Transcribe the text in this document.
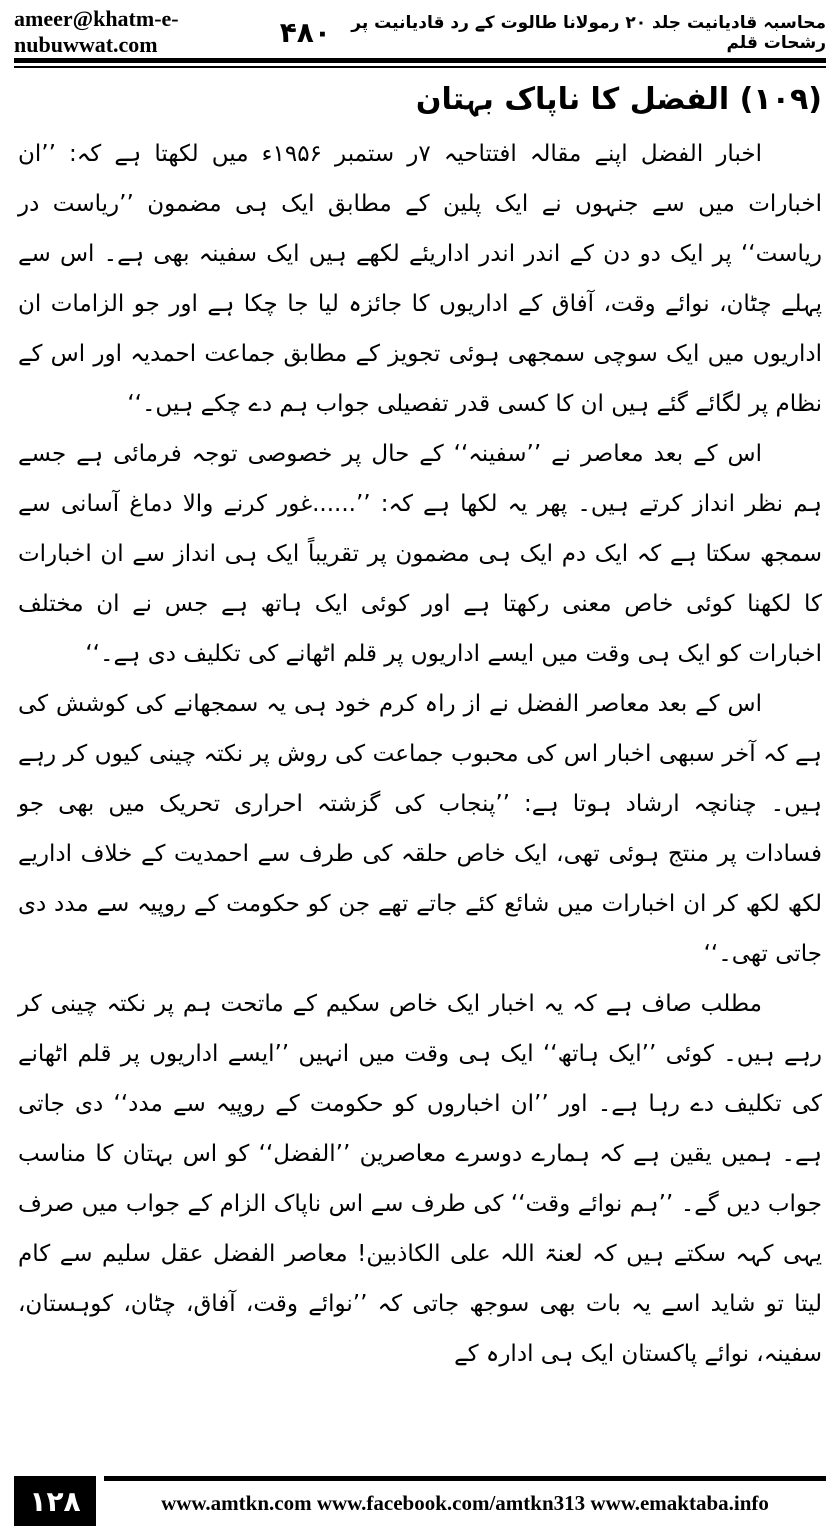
ameer@khatm-e-nubuwwat.com	۴۸۰	محاسبہ قادیانیت جلد ۲۰ رمولانا طالوت کے رد قادیانیت پر رشحات قلم
(۱۰۹) الفضل کا ناپاک بہتان

اخبار الفضل اپنے مقالہ افتتاحیہ ۷ر ستمبر ۱۹۵۶ء میں لکھتا ہے کہ: ’’ان اخبارات میں سے جنہوں نے ایک پلین کے مطابق ایک ہی مضمون ’’ریاست در ریاست‘‘ پر ایک دو دن کے اندر اندر اداریئے لکھے ہیں ایک سفینہ بھی ہے۔ اس سے پہلے چٹان، نوائے وقت، آفاق کے اداریوں کا جائزہ لیا جا چکا ہے اور جو الزامات ان اداریوں میں ایک سوچی سمجھی ہوئی تجویز کے مطابق جماعت احمدیہ اور اس کے نظام پر لگائے گئے ہیں ان کا کسی قدر تفصیلی جواب ہم دے چکے ہیں۔‘‘

اس کے بعد معاصر نے ’’سفینہ‘‘ کے حال پر خصوصی توجہ فرمائی ہے جسے ہم نظر انداز کرتے ہیں۔ پھر یہ لکھا ہے کہ: ’’......غور کرنے والا دماغ آسانی سے سمجھ سکتا ہے کہ ایک دم ایک ہی مضمون پر تقریباً ایک ہی انداز سے ان اخبارات کا لکھنا کوئی خاص معنی رکھتا ہے اور کوئی ایک ہاتھ ہے جس نے ان مختلف اخبارات کو ایک ہی وقت میں ایسے اداریوں پر قلم اٹھانے کی تکلیف دی ہے۔‘‘

اس کے بعد معاصر الفضل نے از راہ کرم خود ہی یہ سمجھانے کی کوشش کی ہے کہ آخر سبھی اخبار اس کی محبوب جماعت کی روش پر نکتہ چینی کیوں کر رہے ہیں۔ چنانچہ ارشاد ہوتا ہے: ’’پنجاب کی گزشتہ احراری تحریک میں بھی جو فسادات پر منتج ہوئی تھی، ایک خاص حلقہ کی طرف سے احمدیت کے خلاف اداریے لکھ لکھ کر ان اخبارات میں شائع کئے جاتے تھے جن کو حکومت کے روپیہ سے مدد دی جاتی تھی۔‘‘

مطلب صاف ہے کہ یہ اخبار ایک خاص سکیم کے ماتحت ہم پر نکتہ چینی کر رہے ہیں۔ کوئی ’’ایک ہاتھ‘‘ ایک ہی وقت میں انہیں ’’ایسے اداریوں پر قلم اٹھانے کی تکلیف دے رہا ہے۔ اور ’’ان اخباروں کو حکومت کے روپیہ سے مدد‘‘ دی جاتی ہے۔ ہمیں یقین ہے کہ ہمارے دوسرے معاصرین ’’الفضل‘‘ کو اس بہتان کا مناسب جواب دیں گے۔ ’’ہم نوائے وقت‘‘ کی طرف سے اس ناپاک الزام کے جواب میں صرف یہی کہہ سکتے ہیں کہ لعنۃ اللہ علی الکاذبین! معاصر الفضل عقل سلیم سے کام لیتا تو شاید اسے یہ بات بھی سوجھ جاتی کہ ’’نوائے وقت، آفاق، چٹان، کوہستان، سفینہ، نوائے پاکستان ایک ہی ادارہ کے

۱۲۸	www.amtkn.com www.facebook.com/amtkn313 www.emaktaba.info
